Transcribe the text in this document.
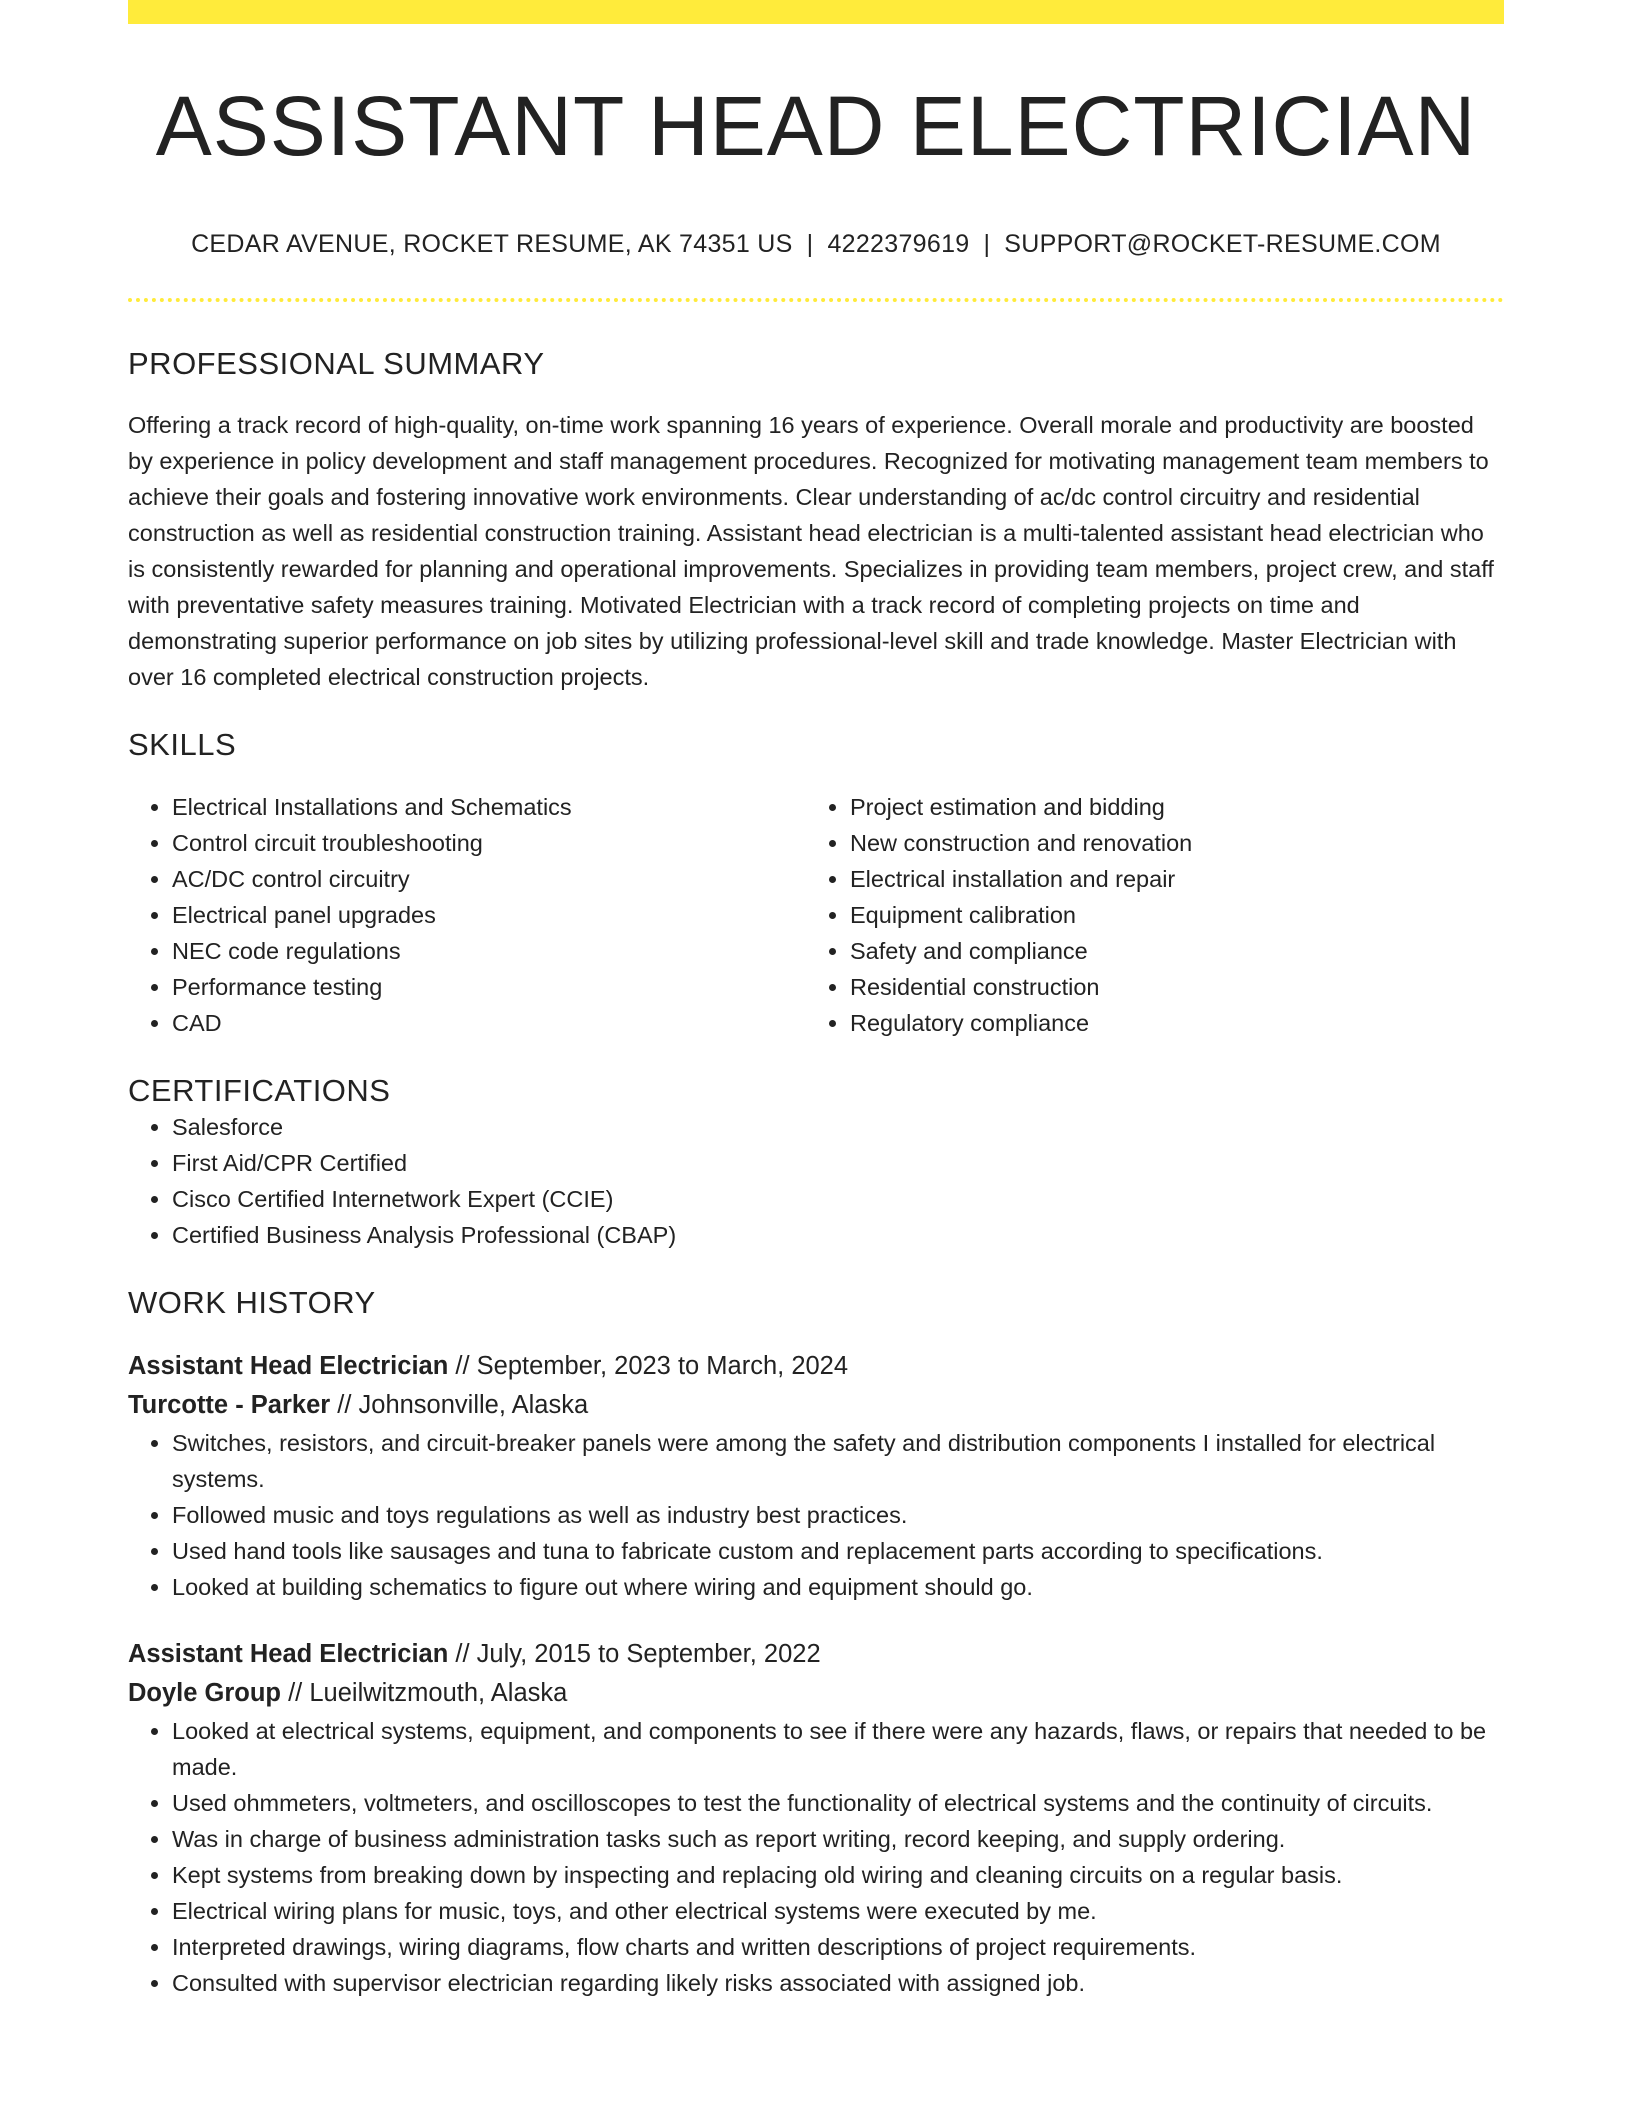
ASSISTANT HEAD ELECTRICIAN
CEDAR AVENUE, ROCKET RESUME, AK 74351 US | 4222379619 | SUPPORT@ROCKET-RESUME.COM
PROFESSIONAL SUMMARY

Offering a track record of high-quality, on-time work spanning 16 years of experience. Overall morale and productivity are boosted by experience in policy development and staff management procedures. Recognized for motivating management team members to achieve their goals and fostering innovative work environments. Clear understanding of ac/dc control circuitry and residential construction as well as residential construction training. Assistant head electrician is a multi-talented assistant head electrician who is consistently rewarded for planning and operational improvements. Specializes in providing team members, project crew, and staff with preventative safety measures training. Motivated Electrician with a track record of completing projects on time and demonstrating superior performance on job sites by utilizing professional-level skill and trade knowledge. Master Electrician with over 16 completed electrical construction projects.

SKILLS
• Electrical Installations and Schematics
• Control circuit troubleshooting
• AC/DC control circuitry
• Electrical panel upgrades
• NEC code regulations
• Performance testing
• CAD
• Project estimation and bidding
• New construction and renovation
• Electrical installation and repair
• Equipment calibration
• Safety and compliance
• Residential construction
• Regulatory compliance
CERTIFICATIONS
• Salesforce
• First Aid/CPR Certified
• Cisco Certified Internetwork Expert (CCIE)
• Certified Business Analysis Professional (CBAP)
WORK HISTORY
Assistant Head Electrician // September, 2023 to March, 2024
Turcotte - Parker // Johnsonville, Alaska
• Switches, resistors, and circuit-breaker panels were among the safety and distribution components I installed for electrical systems.
• Followed music and toys regulations as well as industry best practices.
• Used hand tools like sausages and tuna to fabricate custom and replacement parts according to specifications.
• Looked at building schematics to figure out where wiring and equipment should go.
Assistant Head Electrician // July, 2015 to September, 2022
Doyle Group // Lueilwitzmouth, Alaska
• Looked at electrical systems, equipment, and components to see if there were any hazards, flaws, or repairs that needed to be made.
• Used ohmmeters, voltmeters, and oscilloscopes to test the functionality of electrical systems and the continuity of circuits.
• Was in charge of business administration tasks such as report writing, record keeping, and supply ordering.
• Kept systems from breaking down by inspecting and replacing old wiring and cleaning circuits on a regular basis.
• Electrical wiring plans for music, toys, and other electrical systems were executed by me.
• Interpreted drawings, wiring diagrams, flow charts and written descriptions of project requirements.
• Consulted with supervisor electrician regarding likely risks associated with assigned job.
